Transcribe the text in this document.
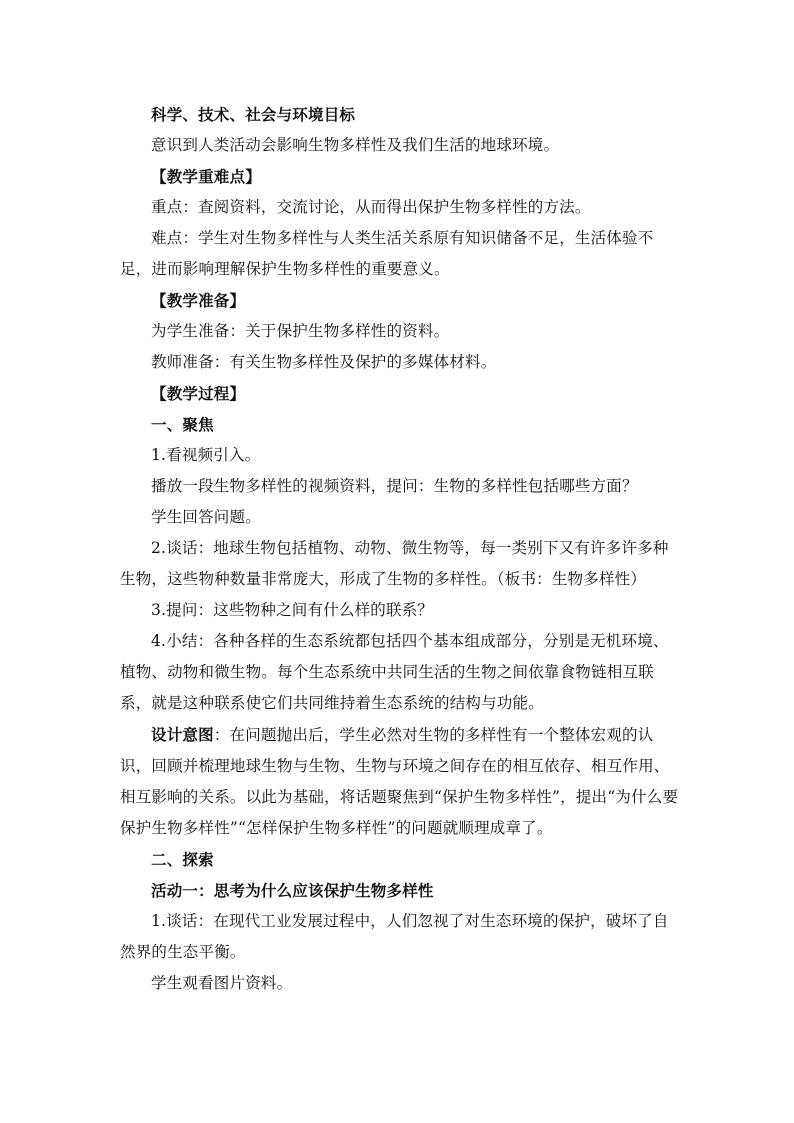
科学、技术、社会与环境目标

意识到人类活动会影响生物多样性及我们生活的地球环境。

【教学重难点】

重点：查阅资料，交流讨论，从而得出保护生物多样性的方法。

难点：学生对生物多样性与人类生活关系原有知识储备不足，生活体验不足，进而影响理解保护生物多样性的重要意义。

【教学准备】

为学生准备：关于保护生物多样性的资料。

教师准备：有关生物多样性及保护的多媒体材料。

【教学过程】

一、聚焦

1.看视频引入。

播放一段生物多样性的视频资料，提问：生物的多样性包括哪些方面？

学生回答问题。

2.谈话：地球生物包括植物、动物、微生物等，每一类别下又有许多许多种生物，这些物种数量非常庞大，形成了生物的多样性。（板书：生物多样性）

3.提问：这些物种之间有什么样的联系？

4.小结：各种各样的生态系统都包括四个基本组成部分，分别是无机环境、植物、动物和微生物。每个生态系统中共同生活的生物之间依靠食物链相互联系，就是这种联系使它们共同维持着生态系统的结构与功能。

设计意图：在问题抛出后，学生必然对生物的多样性有一个整体宏观的认识，回顾并梳理地球生物与生物、生物与环境之间存在的相互依存、相互作用、相互影响的关系。以此为基础，将话题聚焦到“保护生物多样性”，提出“为什么要保护生物多样性”“怎样保护生物多样性”的问题就顺理成章了。

二、探索

活动一：思考为什么应该保护生物多样性

1.谈话：在现代工业发展过程中，人们忽视了对生态环境的保护，破坏了自然界的生态平衡。

学生观看图片资料。
